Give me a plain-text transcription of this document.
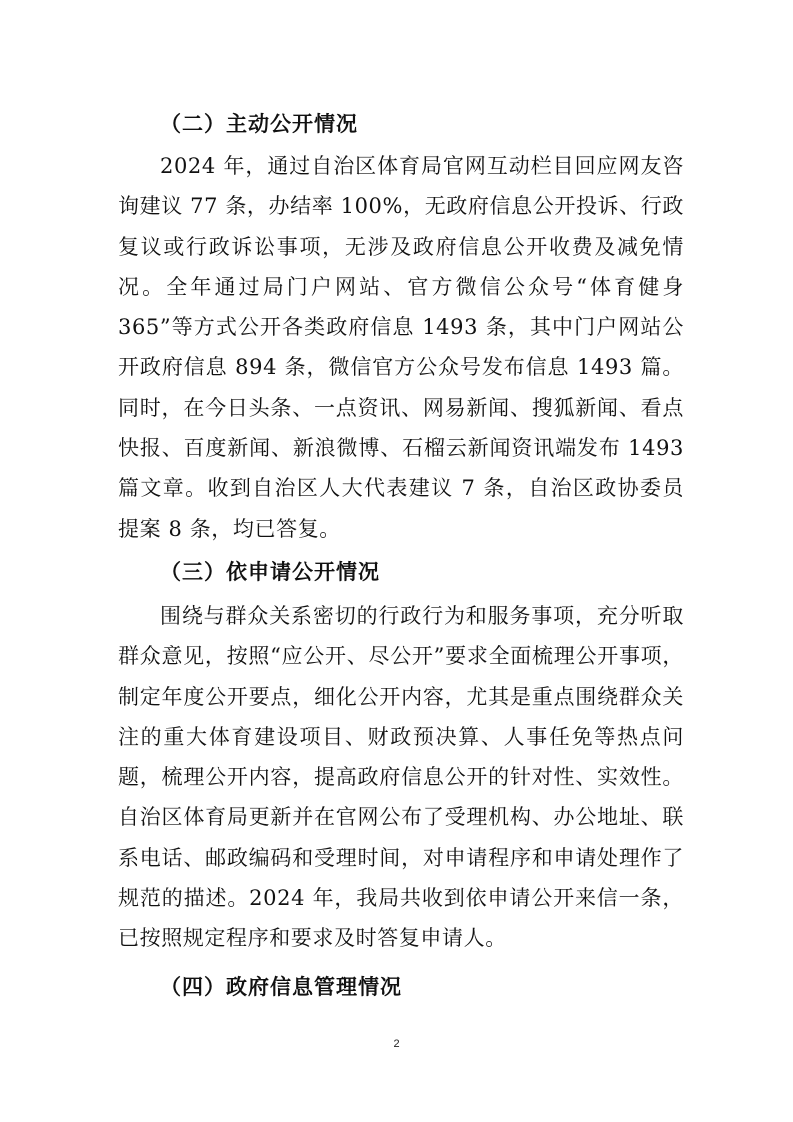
（二）主动公开情况

2024 年，通过自治区体育局官网互动栏目回应网友咨询建议 77 条，办结率 100%，无政府信息公开投诉、行政复议或行政诉讼事项，无涉及政府信息公开收费及减免情况。全年通过局门户网站、官方微信公众号“体育健身 365”等方式公开各类政府信息 1493 条，其中门户网站公开政府信息 894 条，微信官方公众号发布信息 1493 篇。同时，在今日头条、一点资讯、网易新闻、搜狐新闻、看点快报、百度新闻、新浪微博、石榴云新闻资讯端发布 1493 篇文章。收到自治区人大代表建议 7 条，自治区政协委员提案 8 条，均已答复。

（三）依申请公开情况

围绕与群众关系密切的行政行为和服务事项，充分听取群众意见，按照“应公开、尽公开”要求全面梳理公开事项，制定年度公开要点，细化公开内容，尤其是重点围绕群众关注的重大体育建设项目、财政预决算、人事任免等热点问题，梳理公开内容，提高政府信息公开的针对性、实效性。自治区体育局更新并在官网公布了受理机构、办公地址、联系电话、邮政编码和受理时间，对申请程序和申请处理作了规范的描述。2024 年，我局共收到依申请公开来信一条，已按照规定程序和要求及时答复申请人。

（四）政府信息管理情况
2
